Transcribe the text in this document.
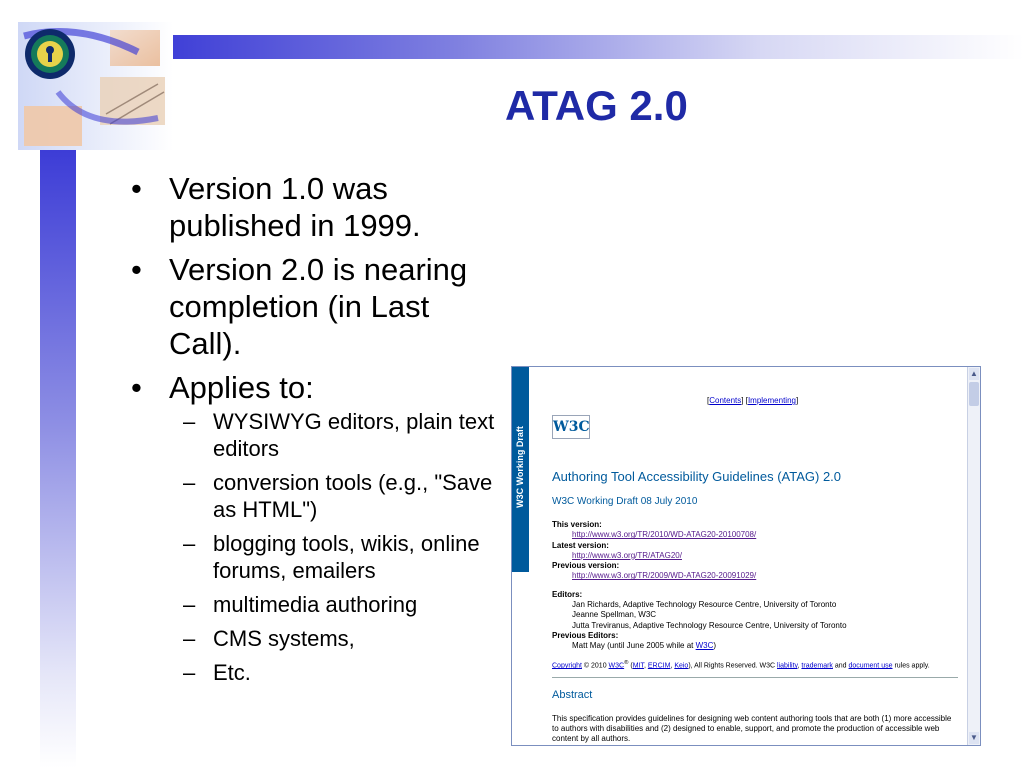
ATAG 2.0
• Version 1.0 was published in 1999.
• Version 2.0 is nearing completion (in Last Call).
• Applies to:
– WYSIWYG editors, plain text editors
– conversion tools (e.g., "Save as HTML")
– blogging tools, wikis, online forums, emailers
– multimedia authoring
– CMS systems,
– Etc.
W3C Working Draft
[Contents] [Implementing]
W3C
Authoring Tool Accessibility Guidelines (ATAG) 2.0
W3C Working Draft 08 July 2010
This version:
http://www.w3.org/TR/2010/WD-ATAG20-20100708/
Latest version:
http://www.w3.org/TR/ATAG20/
Previous version:
http://www.w3.org/TR/2009/WD-ATAG20-20091029/
Editors:
Jan Richards, Adaptive Technology Resource Centre, University of Toronto
Jeanne Spellman, W3C
Jutta Treviranus, Adaptive Technology Resource Centre, University of Toronto
Previous Editors:
Matt May (until June 2005 while at W3C)
Copyright © 2010 W3C® (MIT, ERCIM, Keio), All Rights Reserved. W3C liability, trademark and document use rules apply.
Abstract
This specification provides guidelines for designing web content authoring tools that are both (1) more accessible to authors with disabilities and (2) designed to enable, support, and promote the production of accessible web content by all authors.
▲
▼
